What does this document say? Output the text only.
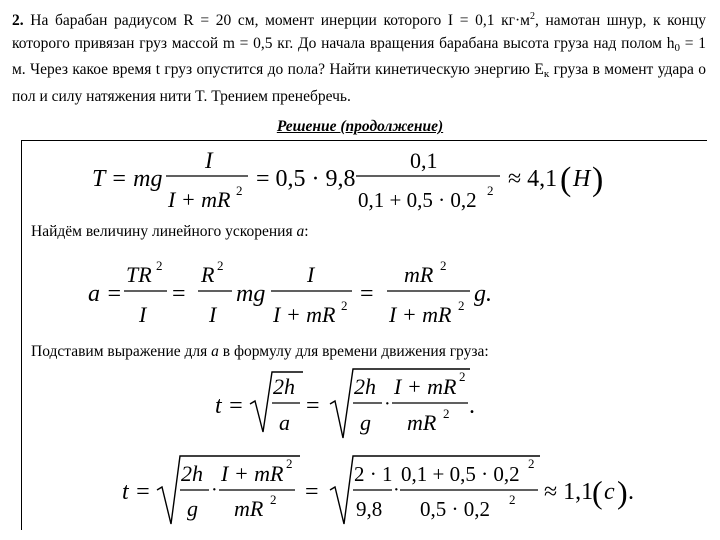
2. На барабан радиусом R = 20 см, момент инерции которого I = 0,1 $кг\cdot м^2$, намотан шнур, к концу которого привязан груз массой m = 0,5 кг. До начала вращения барабана высота груза над полом $h_0 = 1$ м. Через какое время t груз опустится до пола? Найти кинетическую энергию $E_к$ груза в момент удара о пол и силу натяжения нити T. Трением пренебречь.
Решение (продолжение)
T = mg
I
I + mR 2 = 0,5 · 9,8
0,1
0,1 + 0,5 · 0,2 2 ≈ 4,1 ( H )
Найдём величину линейного ускорения a:
a =
TR 2
I
=
R 2
I
mg
I
I + mR 2 =
mR 2
I + mR 2 g.
Подставим выражение для a в формулу для времени движения груза:
t =
2h
a
=
2h
g
·
I + mR 2
mR 2 .
t =
2h
g
·
I + mR 2
mR 2 =
2 · 1
9,8
·
0,1 + 0,5 · 0,2 2
0,5 · 0,2 2 ≈ 1,1
( c ) .
